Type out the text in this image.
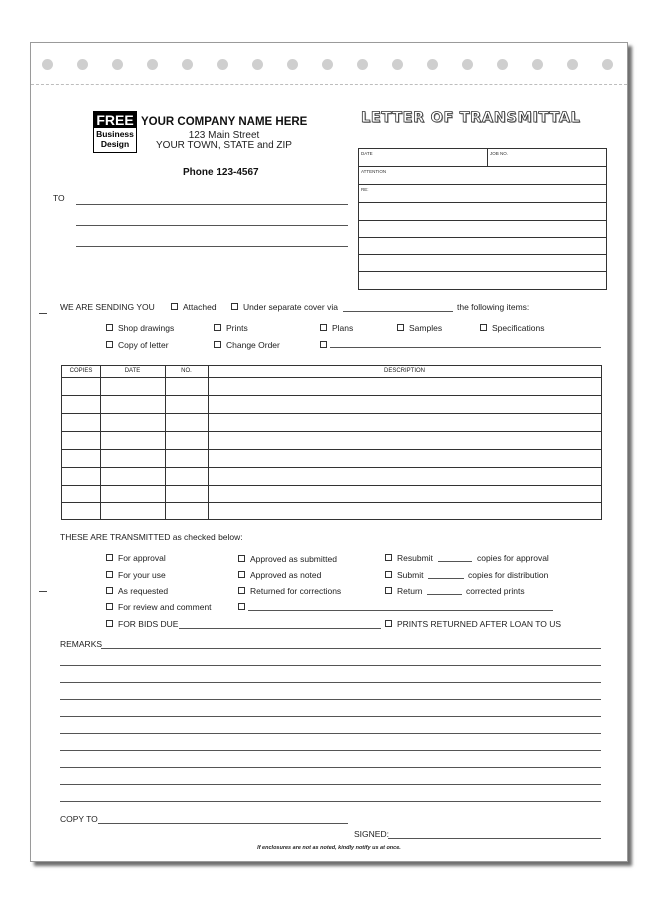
FREE
Business
Design
YOUR COMPANY NAME HERE
123 Main Street
YOUR TOWN, STATE and ZIP
Phone 123-4567
LETTER OF TRANSMITTAL
TO
DATE	JOB NO.
ATTENTION
RE:
WE ARE SENDING YOU	Attached	Under separate cover via	the following items:
Shop drawings	Prints	Plans	Samples	Specifications
Copy of letter	Change Order
COPIES	DATE	NO.	DESCRIPTION
THESE ARE TRANSMITTED as checked below:
For approval
For your use
As requested
For review and comment
FOR BIDS DUE
Approved as submitted
Approved as noted
Returned for corrections
Resubmit	copies for approval
Submit	copies for distribution
Return	corrected prints
PRINTS RETURNED AFTER LOAN TO US
REMARKS
COPY TO
SIGNED:
If enclosures are not as noted, kindly notify us at once.
